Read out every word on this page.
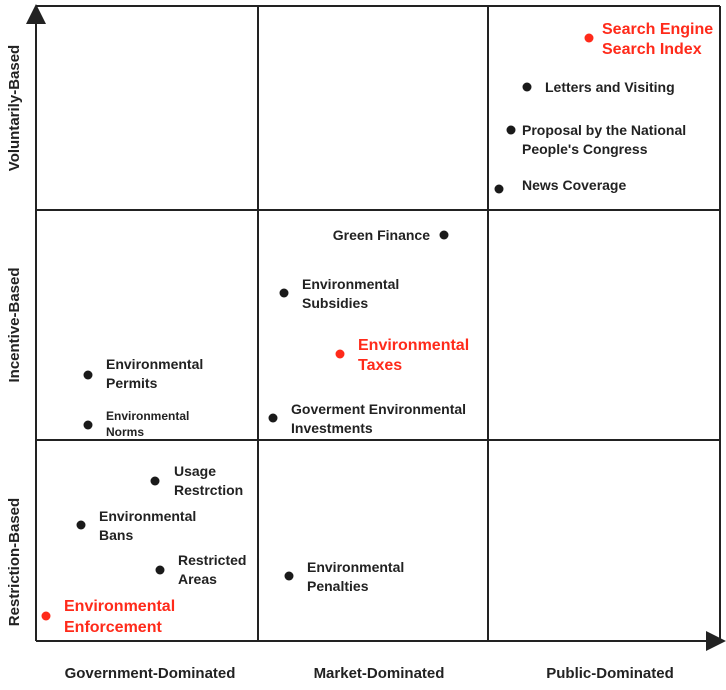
Government-Dominated	Market-Dominated	Public-Dominated
Voluntarily-Based
Incentive-Based
Restriction-Based
Search Engine Search Index
Letters and Visiting
Proposal by the National People's Congress
News Coverage
Green Finance
Environmental Subsidies
Environmental Taxes
Goverment Environmental Investments
Environmental Permits
Environmental Norms
Usage Restrction
Environmental Bans
Restricted Areas
Environmental Penalties
Environmental Enforcement
